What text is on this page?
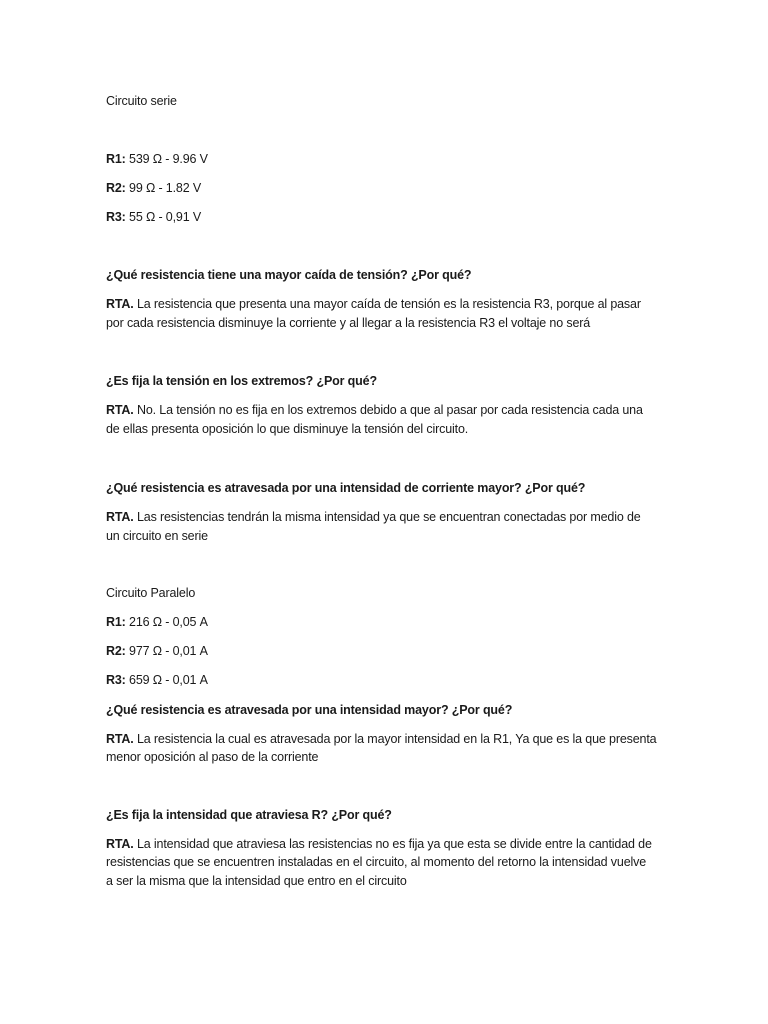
Circuito serie
R1: 539 Ω - 9.96 V
R2: 99 Ω - 1.82 V
R3: 55 Ω - 0,91 V
¿Qué resistencia tiene una mayor caída de tensión? ¿Por qué?
RTA. La resistencia que presenta una mayor caída de tensión es la resistencia R3, porque al pasar
por cada resistencia disminuye la corriente y al llegar a la resistencia R3 el voltaje no será
¿Es fija la tensión en los extremos? ¿Por qué?
RTA. No. La tensión no es fija en los extremos debido a que al pasar por cada resistencia cada una
de ellas presenta oposición lo que disminuye la tensión del circuito.
¿Qué resistencia es atravesada por una intensidad de corriente mayor? ¿Por qué?
RTA. Las resistencias tendrán la misma intensidad ya que se encuentran conectadas por medio de
un circuito en serie
Circuito Paralelo
R1: 216 Ω - 0,05 A
R2: 977 Ω - 0,01 A
R3: 659 Ω - 0,01 A
¿Qué resistencia es atravesada por una intensidad mayor? ¿Por qué?
RTA. La resistencia la cual es atravesada por la mayor intensidad en la R1, Ya que es la que presenta
menor oposición al paso de la corriente
¿Es fija la intensidad que atraviesa R? ¿Por qué?
RTA. La intensidad que atraviesa las resistencias no es fija ya que esta se divide entre la cantidad de
resistencias que se encuentren instaladas en el circuito, al momento del retorno la intensidad vuelve
a ser la misma que la intensidad que entro en el circuito
